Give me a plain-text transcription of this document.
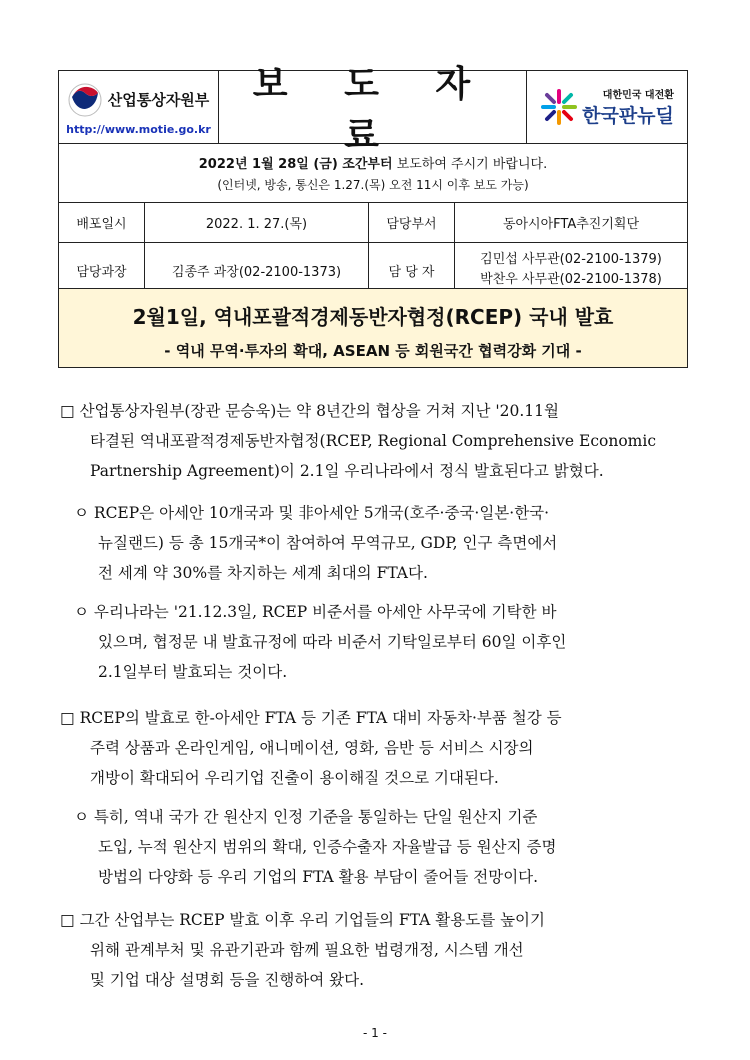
산업통상자원부
http://www.motie.go.kr
보 도 자 료
대한민국 대전환
한국판뉴딜
2022년 1월 28일 (금) 조간부터 보도하여 주시기 바랍니다.
(인터넷, 방송, 통신은 1.27.(목) 오전 11시 이후 보도 가능)
배포일시	2022. 1. 27.(목)	담당부서	동아시아FTA추진기획단
담당과장	김종주 과장(02-2100-1373)	담 당 자
김민섭 사무관(02-2100-1379)
박찬우 사무관(02-2100-1378)
2월1일, 역내포괄적경제동반자협정(RCEP) 국내 발효
- 역내 무역·투자의 확대, ASEAN 등 회원국간 협력강화 기대 -
□ 산업통상자원부(장관 문승욱)는 약 8년간의 협상을 거쳐 지난 '20.11월
타결된 역내포괄적경제동반자협정(RCEP, Regional Comprehensive Economic
Partnership Agreement)이 2.1일 우리나라에서 정식 발효된다고 밝혔다.
ㅇ RCEP은 아세안 10개국과 및 非아세안 5개국(호주·중국·일본·한국·
뉴질랜드) 등 총 15개국*이 참여하여 무역규모, GDP, 인구 측면에서
전 세계 약 30%를 차지하는 세계 최대의 FTA다.
ㅇ 우리나라는 '21.12.3일, RCEP 비준서를 아세안 사무국에 기탁한 바
있으며, 협정문 내 발효규정에 따라 비준서 기탁일로부터 60일 이후인
2.1일부터 발효되는 것이다.
□ RCEP의 발효로 한-아세안 FTA 등 기존 FTA 대비 자동차·부품 철강 등
주력 상품과 온라인게임, 애니메이션, 영화, 음반 등 서비스 시장의
개방이 확대되어 우리기업 진출이 용이해질 것으로 기대된다.
ㅇ 특히, 역내 국가 간 원산지 인정 기준을 통일하는 단일 원산지 기준
도입, 누적 원산지 범위의 확대, 인증수출자 자율발급 등 원산지 증명
방법의 다양화 등 우리 기업의 FTA 활용 부담이 줄어들 전망이다.
□ 그간 산업부는 RCEP 발효 이후 우리 기업들의 FTA 활용도를 높이기
위해 관계부처 및 유관기관과 함께 필요한 법령개정, 시스템 개선
및 기업 대상 설명회 등을 진행하여 왔다.
- 1 -
